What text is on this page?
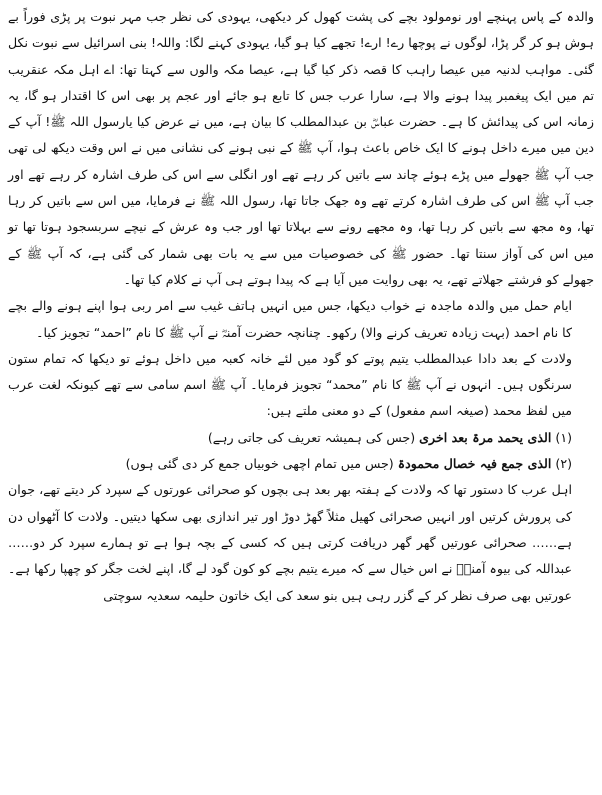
والدہ کے پاس پہنچے اور نومولود بچے کی پشت کھول کر دیکھی، یہودی کی نظر جب مہر نبوت پر پڑی فوراً بے ہوش ہو کر گر پڑا، لوگوں نے پوچھا رے! ارے! تجھے کیا ہو گیا، یہودی کہنے لگا: واللہ! بنی اسرائیل سے نبوت نکل گئی۔ مواہب لدنیہ میں عیصا راہب کا قصہ ذکر کیا گیا ہے، عیصا مکہ والوں سے کہتا تھا: اے اہل مکہ عنقریب تم میں ایک پیغمبر پیدا ہونے والا ہے، سارا عرب جس کا تابع ہو جائے اور عجم پر بھی اس کا اقتدار ہو گا، یہ زمانہ اس کی پیدائش کا ہے۔ حضرت عباسؓ بن عبدالمطلب کا بیان ہے، میں نے عرض کیا یارسول اللہ ﷺ! آپ کے دین میں میرے داخل ہونے کا ایک خاص باعث ہوا، آپ ﷺ کے نبی ہونے کی نشانی میں نے اس وقت دیکھ لی تھی جب آپ ﷺ جھولے میں پڑے ہوئے چاند سے باتیں کر رہے تھے اور انگلی سے اس کی طرف اشارہ کر رہے تھے اور جب آپ ﷺ اس کی طرف اشارہ کرتے تھے وہ جھک جاتا تھا، رسول اللہ ﷺ نے فرمایا، میں اس سے باتیں کر رہا تھا، وہ مجھ سے باتیں کر رہا تھا، وہ مجھے رونے سے بہلاتا تھا اور جب وہ عرش کے نیچے سربسجود ہوتا تھا تو میں اس کی آواز سنتا تھا۔ حضور ﷺ کی خصوصیات میں سے یہ بات بھی شمار کی گئی ہے، کہ آپ ﷺ کے جھولے کو فرشتے جھلاتے تھے، یہ بھی روایت میں آیا ہے کہ پیدا ہوتے ہی آپ نے کلام کیا تھا۔

ایام حمل میں والدہ ماجدہ نے خواب دیکھا، جس میں انہیں ہاتف غیب سے امر ربی ہوا اپنے ہونے والے بچے کا نام احمد (بہت زیادہ تعریف کرنے والا) رکھو۔ چنانچہ حضرت آمنہؓ نے آپ ﷺ کا نام ”احمد“ تجویز کیا۔

ولادت کے بعد دادا عبدالمطلب یتیم پوتے کو گود میں لئے خانہ کعبہ میں داخل ہوئے تو دیکھا کہ تمام ستون سرنگوں ہیں۔ انہوں نے آپ ﷺ کا نام ”محمد“ تجویز فرمایا۔ آپ ﷺ اسم سامی سے تھے کیونکہ لغت عرب میں لفظ محمد (صیغہ اسم مفعول) کے دو معنی ملتے ہیں:

(۱) الذی یحمد مرۃ بعد اخری (جس کی ہمیشہ تعریف کی جاتی رہے)

(۲) الذی جمع فیہ خصال محمودۃ (جس میں تمام اچھی خوبیاں جمع کر دی گئی ہوں)

اہل عرب کا دستور تھا کہ ولادت کے ہفتہ بھر بعد ہی بچوں کو صحرائی عورتوں کے سپرد کر دیتے تھے، جوان کی پرورش کرتیں اور انہیں صحرائی کھیل مثلاً گھڑ دوڑ اور تیر اندازی بھی سکھا دیتیں۔ ولادت کا آٹھواں دن ہے…… صحرائی عورتیں گھر گھر دریافت کرتی ہیں کہ کسی کے بچہ ہوا ہے تو ہمارے سپرد کر دو…… عبداللہ کی بیوہ آمنہؓ نے اس خیال سے کہ میرے یتیم بچے کو کون گود لے گا، اپنے لخت جگر کو چھپا رکھا ہے۔ عورتیں بھی صرف نظر کر کے گزر رہی ہیں بنو سعد کی ایک خاتون حلیمہ سعدیہ سوچتی
